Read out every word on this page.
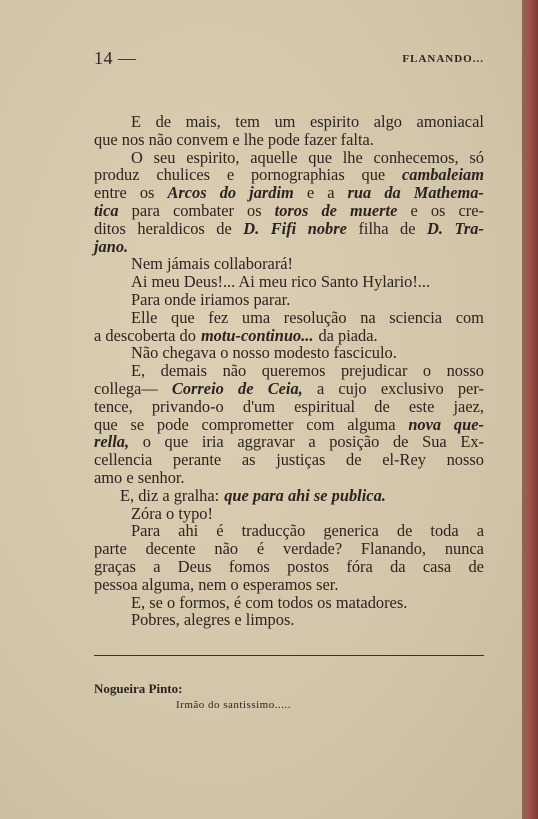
14 —	FLANANDO...
E de mais, tem um espirito algo amoniacal
que nos não convem e lhe pode fazer falta.
O seu espirito, aquelle que lhe conhecemos, só
produz chulices e pornographias que cambaleiam
entre os Arcos do jardim e a rua da Mathema-
tica para combater os toros de muerte e os cre-
ditos heraldicos de D. Fifi nobre filha de D. Tra-
jano.
Nem jámais collaborará!
Ai meu Deus!... Ai meu rico Santo Hylario!...
Para onde iriamos parar.
Elle que fez uma resolução na sciencia com
a descoberta do motu-continuo... da piada.
Não chegava o nosso modesto fasciculo.
E, demais não queremos prejudicar o nosso
collega— Correio de Ceia, a cujo exclusivo per-
tence, privando-o d'um espiritual de este jaez,
que se pode comprometter com alguma nova que-
rella, o que iria aggravar a posição de Sua Ex-
cellencia perante as justiças de el-Rey nosso
amo e senhor.
E, diz a gralha: que para ahi se publica.
Zóra o typo!
Para ahi é traducção generica de toda a
parte decente não é verdade? Flanando, nunca
graças a Deus fomos postos fóra da casa de
pessoa alguma, nem o esperamos ser.
E, se o formos, é com todos os matadores.
Pobres, alegres e limpos.
Nogueira Pinto:
Irmão do santissimo.....
